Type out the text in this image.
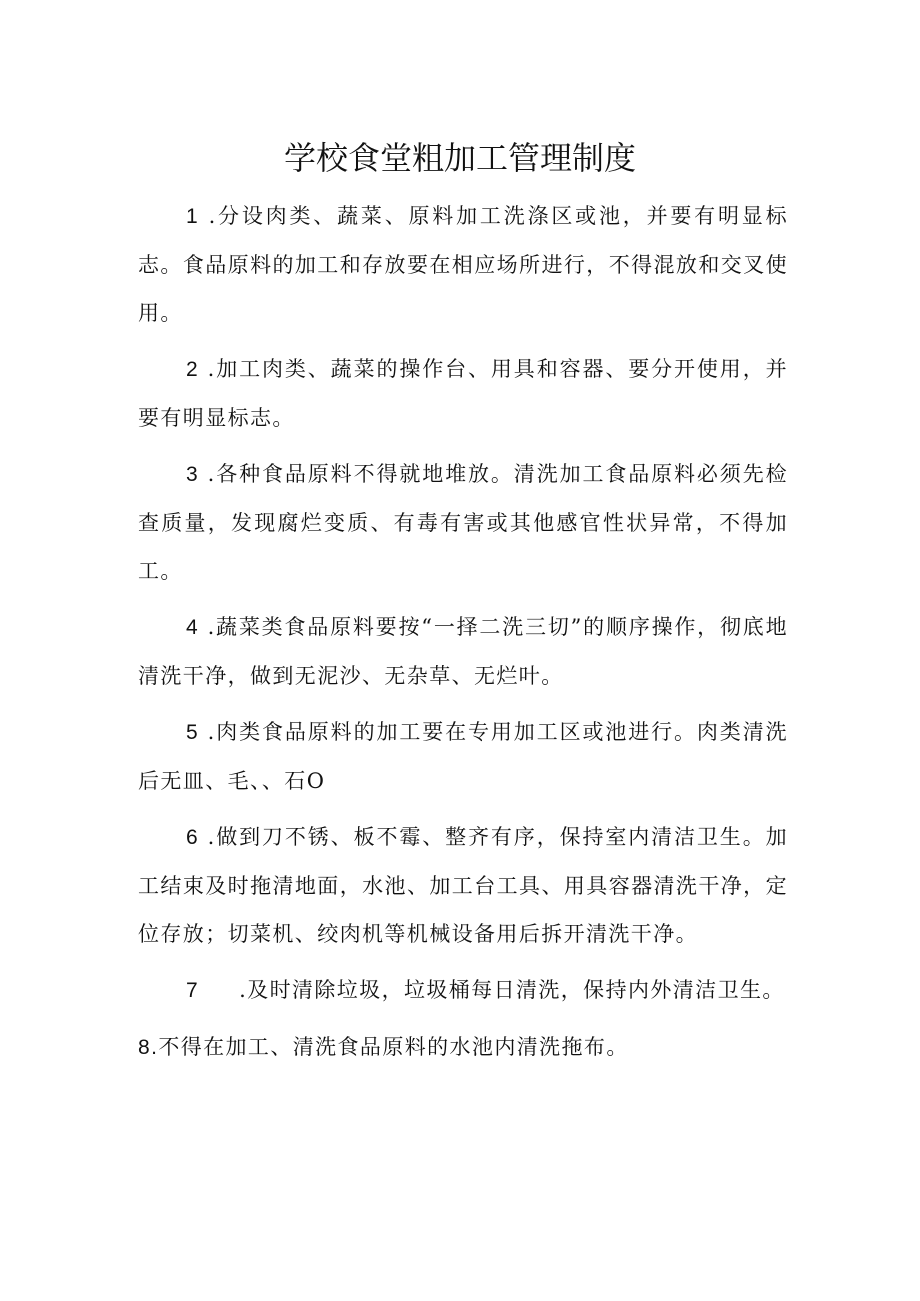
学校食堂粗加工管理制度

1 .分设肉类、蔬菜、原料加工洗涤区或池，并要有明显标志。食品原料的加工和存放要在相应场所进行，不得混放和交叉使用。

2 .加工肉类、蔬菜的操作台、用具和容器、要分开使用，并要有明显标志。

3 .各种食品原料不得就地堆放。清洗加工食品原料必须先检查质量，发现腐烂变质、有毒有害或其他感官性状异常，不得加工。

4 .蔬菜类食品原料要按“一择二洗三切”的顺序操作，彻底地清洗干净，做到无泥沙、无杂草、无烂叶。

5 .肉类食品原料的加工要在专用加工区或池进行。肉类清洗后无皿、毛、、石O

6 .做到刀不锈、板不霉、整齐有序，保持室内清洁卫生。加工结束及时拖清地面，水池、加工台工具、用具容器清洗干净，定位存放；切菜机、绞肉机等机械设备用后拆开清洗干净。

7 .及时清除垃圾，垃圾桶每日清洗，保持内外清洁卫生。

8.不得在加工、清洗食品原料的水池内清洗拖布。
